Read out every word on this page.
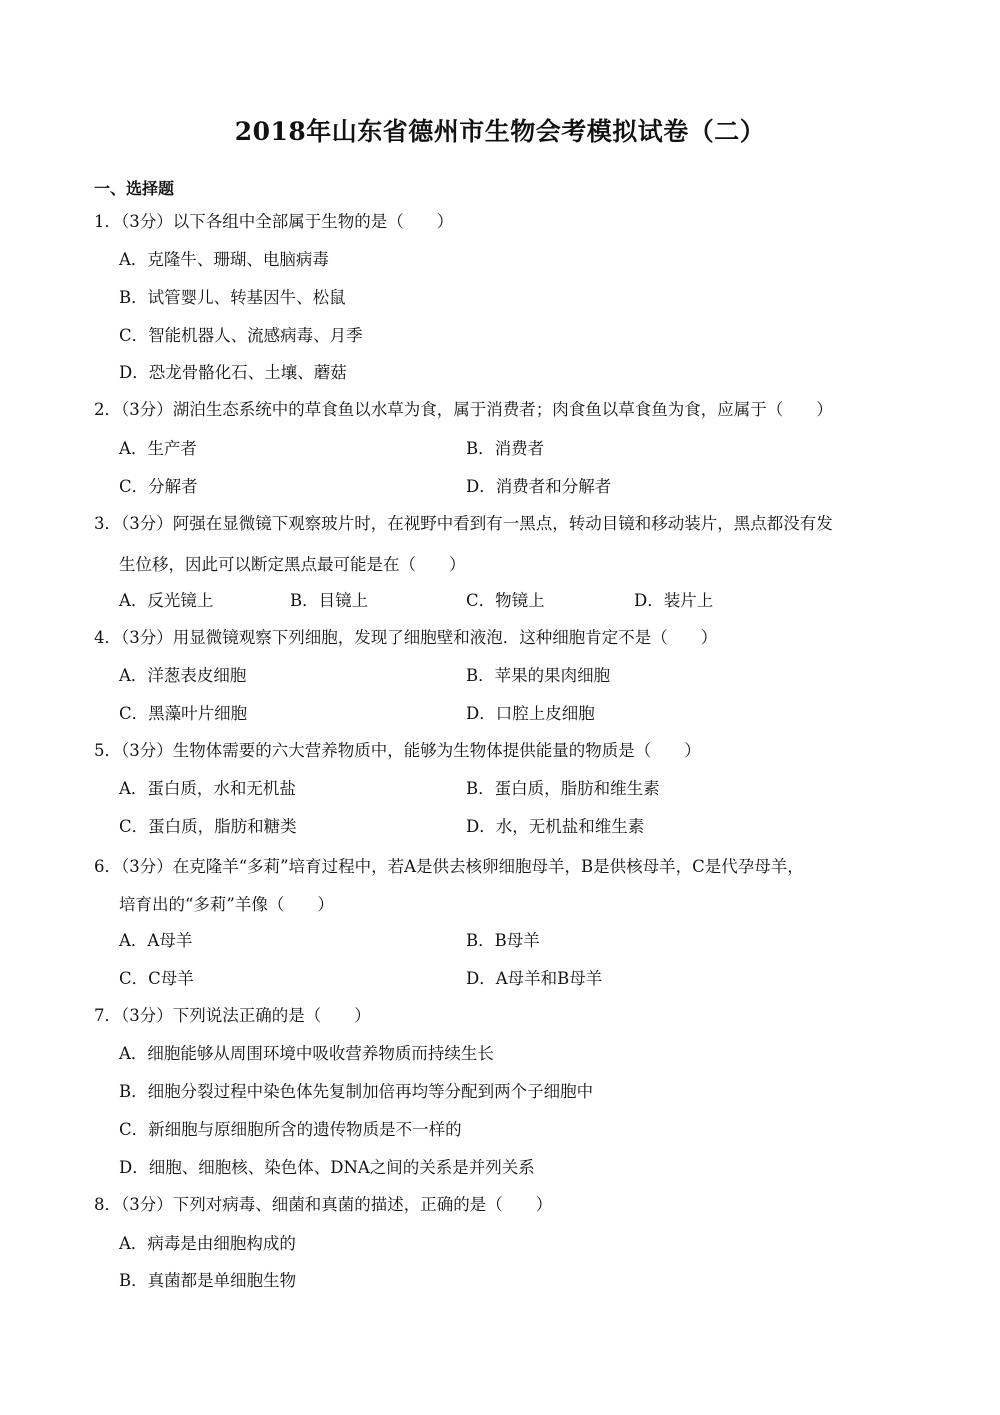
2018年山东省德州市生物会考模拟试卷（二）
一、选择题
1．（3分）以下各组中全部属于生物的是（　　）
A．克隆牛、珊瑚、电脑病毒
B．试管婴儿、转基因牛、松鼠
C．智能机器人、流感病毒、月季
D．恐龙骨骼化石、土壤、蘑菇
2．（3分）湖泊生态系统中的草食鱼以水草为食，属于消费者；肉食鱼以草食鱼为食，应属于（　　）
A．生产者	B．消费者
C．分解者	D．消费者和分解者
3．（3分）阿强在显微镜下观察玻片时，在视野中看到有一黑点，转动目镜和移动装片，黑点都没有发
生位移，因此可以断定黑点最可能是在（　　）
A．反光镜上	B．目镜上	C．物镜上	D．装片上
4．（3分）用显微镜观察下列细胞，发现了细胞壁和液泡．这种细胞肯定不是（　　）
A．洋葱表皮细胞	B．苹果的果肉细胞
C．黑藻叶片细胞	D．口腔上皮细胞
5．（3分）生物体需要的六大营养物质中，能够为生物体提供能量的物质是（　　）
A．蛋白质，水和无机盐	B．蛋白质，脂肪和维生素
C．蛋白质，脂肪和糖类	D．水，无机盐和维生素
6．（3分）在克隆羊“多莉”培育过程中，若A是供去核卵细胞母羊，B是供核母羊，C是代孕母羊，
培育出的“多莉”羊像（　　）
A．A母羊	B．B母羊
C．C母羊	D．A母羊和B母羊
7．（3分）下列说法正确的是（　　）
A．细胞能够从周围环境中吸收营养物质而持续生长
B．细胞分裂过程中染色体先复制加倍再均等分配到两个子细胞中
C．新细胞与原细胞所含的遗传物质是不一样的
D．细胞、细胞核、染色体、DNA之间的关系是并列关系
8．（3分）下列对病毒、细菌和真菌的描述，正确的是（　　）
A．病毒是由细胞构成的
B．真菌都是单细胞生物
